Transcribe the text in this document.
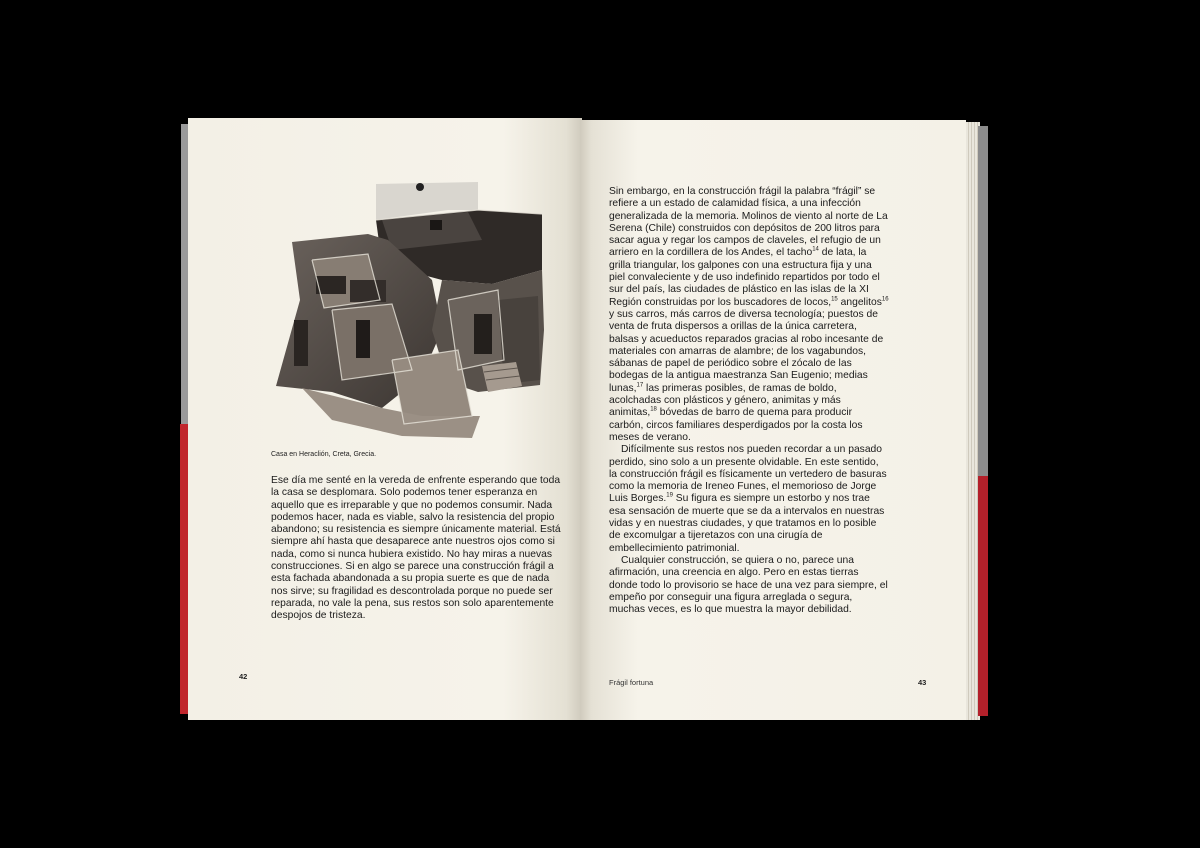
Casa en Heraclión, Creta, Grecia.

Ese día me senté en la vereda de enfrente esperando que toda la casa se desplomara. Solo podemos tener esperanza en aquello que es irreparable y que no podemos consumir. Nada podemos hacer, nada es viable, salvo la resistencia del propio abandono; su resistencia es siempre únicamente material. Está siempre ahí hasta que desaparece ante nuestros ojos como si nada, como si nunca hubiera existido. No hay miras a nuevas construcciones. Si en algo se parece una construcción frágil a esta fachada abandonada a su propia suerte es que de nada nos sirve; su fragilidad es descontrolada porque no puede ser reparada, no vale la pena, sus restos son solo aparentemente despojos de tristeza.

Sin embargo, en la construcción frágil la palabra “frágil” se refiere a un estado de calamidad física, a una infección generalizada de la memoria. Molinos de viento al norte de La Serena (Chile) construidos con depósitos de 200 litros para sacar agua y regar los campos de claveles, el refugio de un arriero en la cordillera de los Andes, el tacho$^{14}$ de lata, la grilla triangular, los galpones con una estructura fija y una piel convaleciente y de uso indefinido repartidos por todo el sur del país, las ciudades de plástico en las islas de la XI Región construidas por los buscadores de locos,$^{15}$ angelitos$^{16}$ y sus carros, más carros de diversa tecnología; puestos de venta de fruta dispersos a orillas de la única carretera, balsas y acueductos reparados gracias al robo incesante de materiales con amarras de alambre; de los vagabundos, sábanas de papel de periódico sobre el zócalo de las bodegas de la antigua maestranza San Eugenio; medias lunas,$^{17}$ las primeras posibles, de ramas de boldo, acolchadas con plásticos y género, animitas y más animitas,$^{18}$ bóvedas de barro de quema para producir carbón, circos familiares desperdigados por la costa los meses de verano.

Difícilmente sus restos nos pueden recordar a un pasado perdido, sino solo a un presente olvidable. En este sentido, la construcción frágil es físicamente un vertedero de basuras como la memoria de Ireneo Funes, el memorioso de Jorge Luis Borges.$^{19}$ Su figura es siempre un estorbo y nos trae esa sensación de muerte que se da a intervalos en nuestras vidas y en nuestras ciudades, y que tratamos en lo posible de excomulgar a tijeretazos con una cirugía de embellecimiento patrimonial.

Cualquier construcción, se quiera o no, parece una afirmación, una creencia en algo. Pero en estas tierras donde todo lo provisorio se hace de una vez para siempre, el empeño por conseguir una figura arreglada o segura, muchas veces, es lo que muestra la mayor debilidad.

42
Frágil fortuna	43
